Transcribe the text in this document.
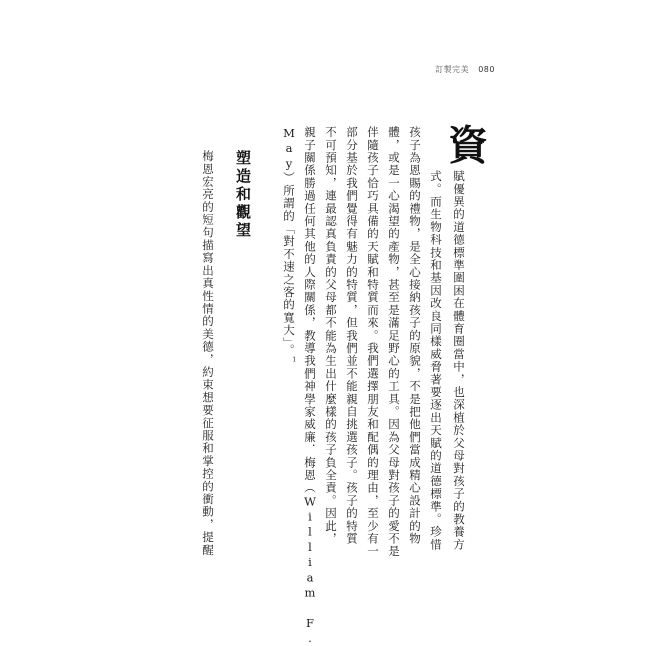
訂製完美 080
資
賦優異的道德標準圍困在體育圈當中，也深植於父母對孩子的教養方
式。而生物科技和基因改良同樣威脅著要逐出天賦的道德標準。珍惜
孩子為恩賜的禮物，是全心接納孩子的原貌，不是把他們當成精心設計的物
體，或是一心渴望的產物，甚至是滿足野心的工具。因為父母對孩子的愛不是
伴隨孩子恰巧具備的天賦和特質而來。我們選擇朋友和配偶的理由，至少有一
部分基於我們覺得有魅力的特質，但我們並不能親自挑選孩子。孩子的特質
不可預知，連最認真負責的父母都不能為生出什麼樣的孩子負全責。因此，
親子關係勝過任何其他的人際關係，教導我們神學家威廉．梅恩（William F.
May）所謂的「對不速之客的寬大」。$^1$
塑造和觀望
梅恩宏亮的短句描寫出真性情的美德，約束想要征服和掌控的衝動，提醒
